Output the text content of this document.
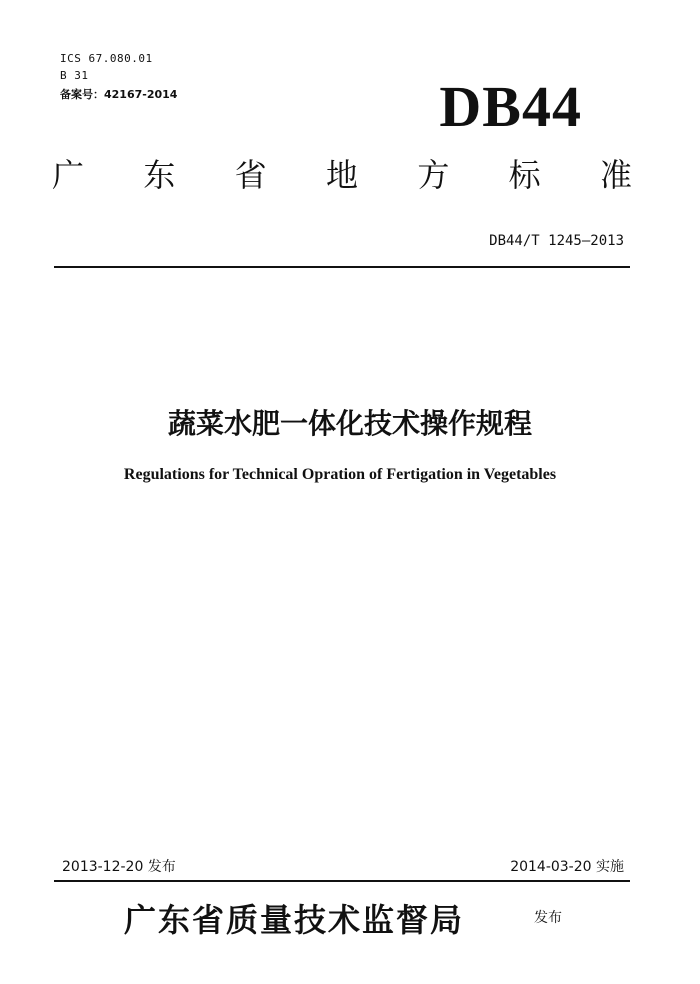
ICS 67.080.01
B 31
备案号：42167-2014	DB44
广 东 省 地 方 标 准
DB44/T 1245—2013
蔬菜水肥一体化技术操作规程
Regulations for Technical Opration of Fertigation in Vegetables
2013-12-20 发布	2014-03-20 实施
广东省质量技术监督局	发布
